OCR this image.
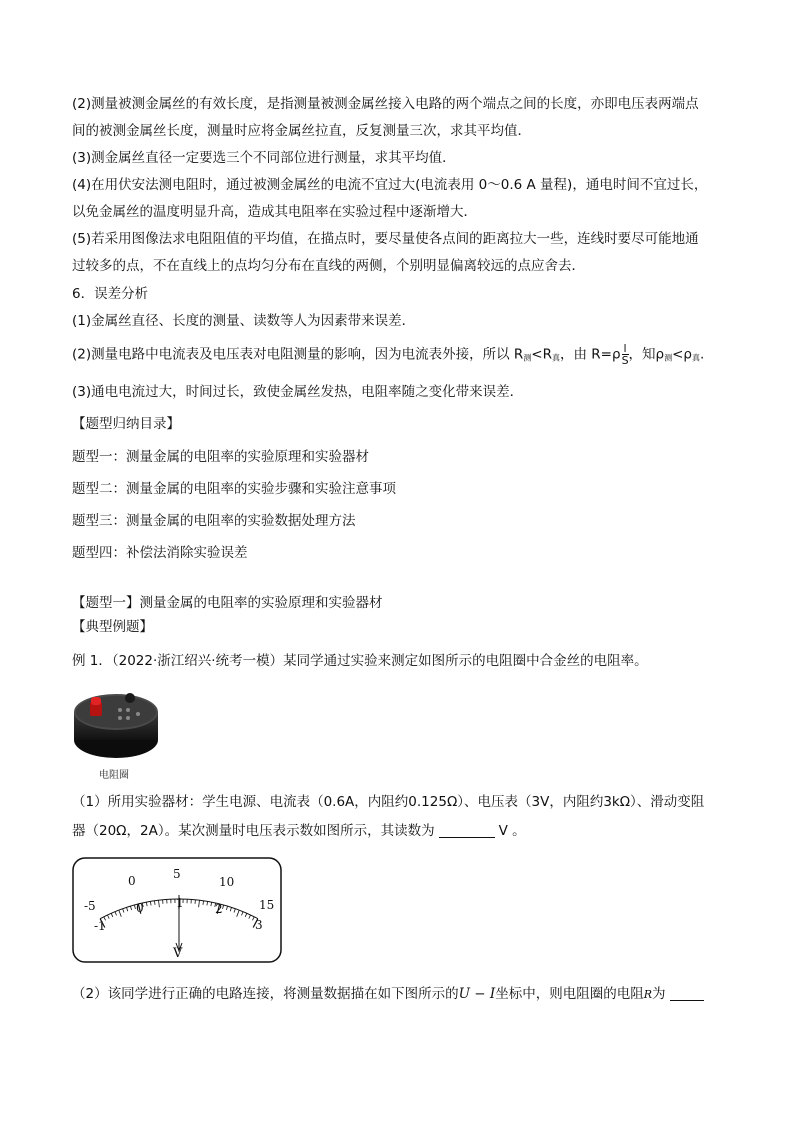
(2)测量被测金属丝的有效长度，是指测量被测金属丝接入电路的两个端点之间的长度，亦即电压表两端点
间的被测金属丝长度，测量时应将金属丝拉直，反复测量三次，求其平均值．
(3)测金属丝直径一定要选三个不同部位进行测量，求其平均值．
(4)在用伏安法测电阻时，通过被测金属丝的电流不宜过大(电流表用 0～0.6 A 量程)，通电时间不宜过长，
以免金属丝的温度明显升高，造成其电阻率在实验过程中逐渐增大．
(5)若采用图像法求电阻阻值的平均值，在描点时，要尽量使各点间的距离拉大一些，连线时要尽可能地通
过较多的点，不在直线上的点均匀分布在直线的两侧，个别明显偏离较远的点应舍去．
6．误差分析
(1)金属丝直径、长度的测量、读数等人为因素带来误差．
(2)测量电路中电流表及电压表对电阻测量的影响，因为电流表外接，所以 $R_测<R_真$，由 $R=\rho \frac{l}{S}$ ，知$\rho_测<\rho_真$.
(3)通电电流过大，时间过长，致使金属丝发热，电阻率随之变化带来误差．
【题型归纳目录】
题型一：测量金属的电阻率的实验原理和实验器材
题型二：测量金属的电阻率的实验步骤和实验注意事项
题型三：测量金属的电阻率的实验数据处理方法
题型四：补偿法消除实验误差
【题型一】测量金属的电阻率的实验原理和实验器材
【典型例题】
例 1．（2022·浙江绍兴·统考一模）某同学通过实验来测定如图所示的电阻圈中合金丝的电阻率。
电阻圈
（1）所用实验器材：学生电源、电流表（0.6A，内阻约0.125Ω）、电压表（3V，内阻约3kΩ）、滑动变阻
器（20Ω，2A）。某次测量时电压表示数如图所示，其读数为	V 。
-5
0	5
10
15
-1
0	1	2
3
V
（2）该同学进行正确的电路连接，将测量数据描在如下图所示的U − I坐标中，则电阻圈的电阻R为
